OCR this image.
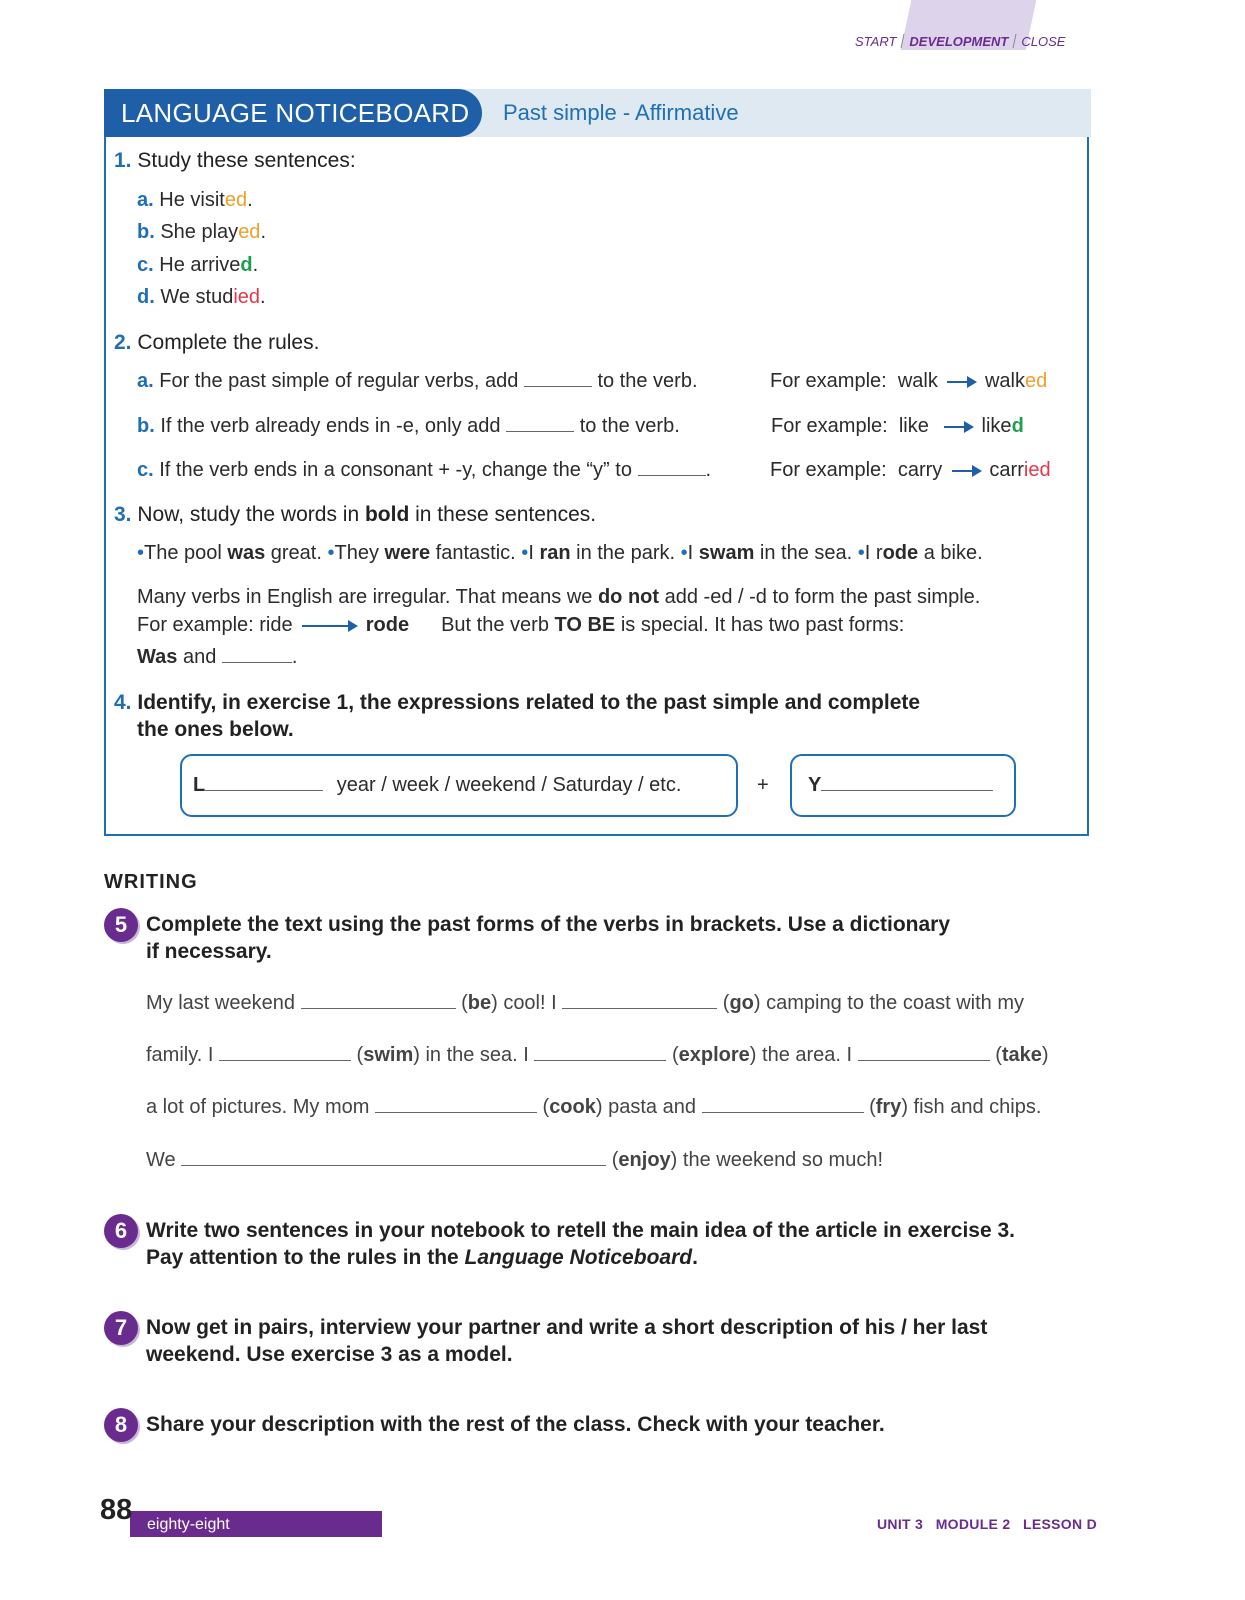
START DEVELOPMENT CLOSE
LANGUAGE NOTICEBOARD	Past simple - Affirmative
1. Study these sentences:
a. He visited.
b. She played.
c. He arrived.
d. We studied.
2. Complete the rules.
a. For the past simple of regular verbs, add	to the verb.	For example: walk walked
b. If the verb already ends in -e, only add	to the verb.	For example: like	liked
c. If the verb ends in a consonant + -y, change the “y” to	.	For example: carry carried
3. Now, study the words in bold in these sentences.
•The pool was great. •They were fantastic. •I ran in the park. •I swam in the sea. •I rode a bike.
Many verbs in English are irregular. That means we do not add -ed / -d to form the past simple.
For example: ride	rode But the verb TO BE is special. It has two past forms:
Was and	.
4. Identify, in exercise 1, the expressions related to the past simple and complete
the ones below.
L	year / week / weekend / Saturday / etc.	+ Y
WRITING
5 Complete the text using the past forms of the verbs in brackets. Use a dictionary
if necessary.
My last weekend	(be) cool! I	(go) camping to the coast with my
family. I	(swim) in the sea. I	(explore) the area. I	(take)
a lot of pictures. My mom	(cook) pasta and	(fry) fish and chips.
We	(enjoy) the weekend so much!
6 Write two sentences in your notebook to retell the main idea of the article in exercise 3.
Pay attention to the rules in the Language Noticeboard.
7 Now get in pairs, interview your partner and write a short description of his / her last
weekend. Use exercise 3 as a model.
8 Share your description with the rest of the class. Check with your teacher.
eighty-eight
88	UNIT 3 MODULE 2 LESSON D
